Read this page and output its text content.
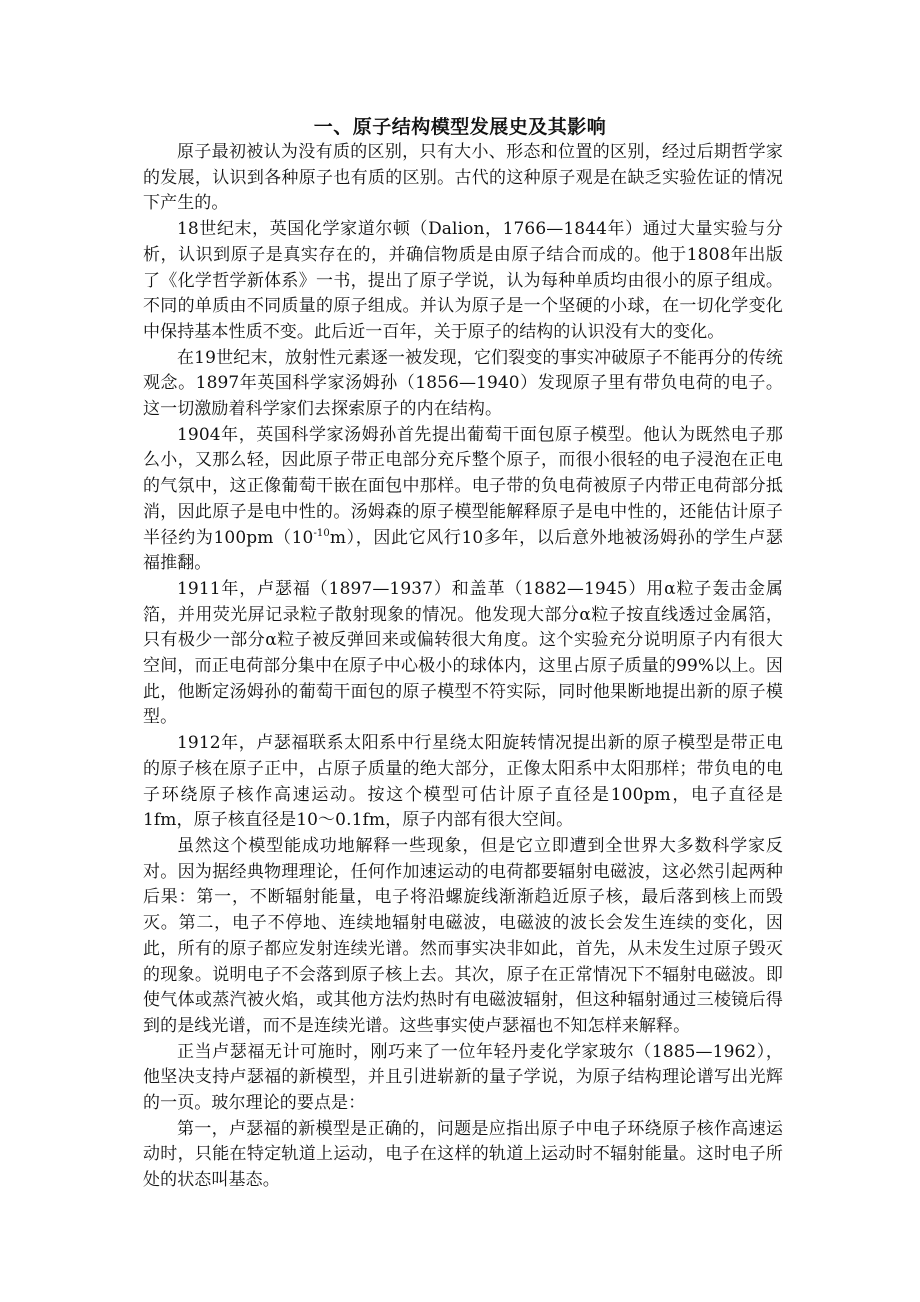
一、原子结构模型发展史及其影响

原子最初被认为没有质的区别，只有大小、形态和位置的区别，经过后期哲学家的发展，认识到各种原子也有质的区别。古代的这种原子观是在缺乏实验佐证的情况下产生的。

18世纪末，英国化学家道尔顿（Dalion，1766—1844年）通过大量实验与分析，认识到原子是真实存在的，并确信物质是由原子结合而成的。他于1808年出版了《化学哲学新体系》一书，提出了原子学说，认为每种单质均由很小的原子组成。不同的单质由不同质量的原子组成。并认为原子是一个坚硬的小球，在一切化学变化中保持基本性质不变。此后近一百年，关于原子的结构的认识没有大的变化。

在19世纪末，放射性元素逐一被发现，它们裂变的事实冲破原子不能再分的传统观念。1897年英国科学家汤姆孙（1856—1940）发现原子里有带负电荷的电子。这一切激励着科学家们去探索原子的内在结构。

1904年，英国科学家汤姆孙首先提出葡萄干面包原子模型。他认为既然电子那么小，又那么轻，因此原子带正电部分充斥整个原子，而很小很轻的电子浸泡在正电的气氛中，这正像葡萄干嵌在面包中那样。电子带的负电荷被原子内带正电荷部分抵消，因此原子是电中性的。汤姆森的原子模型能解释原子是电中性的，还能估计原子半径约为$100pm(10^{-10}m)$，因此它风行10多年，以后意外地被汤姆孙的学生卢瑟福推翻。

1911年，卢瑟福（1897—1937）和盖革（1882—1945）用α粒子轰击金属箔，并用荧光屏记录粒子散射现象的情况。他发现大部分α粒子按直线透过金属箔，只有极少一部分α粒子被反弹回来或偏转很大角度。这个实验充分说明原子内有很大空间，而正电荷部分集中在原子中心极小的球体内，这里占原子质量的99%以上。因此，他断定汤姆孙的葡萄干面包的原子模型不符实际，同时他果断地提出新的原子模型。

1912年，卢瑟福联系太阳系中行星绕太阳旋转情况提出新的原子模型是带正电的原子核在原子正中，占原子质量的绝大部分，正像太阳系中太阳那样；带负电的电子环绕原子核作高速运动。按这个模型可估计原子直径是100pm，电子直径是1fm，原子核直径是10～0.1fm，原子内部有很大空间。

虽然这个模型能成功地解释一些现象，但是它立即遭到全世界大多数科学家反对。因为据经典物理理论，任何作加速运动的电荷都要辐射电磁波，这必然引起两种后果：第一，不断辐射能量，电子将沿螺旋线渐渐趋近原子核，最后落到核上而毁灭。第二，电子不停地、连续地辐射电磁波，电磁波的波长会发生连续的变化，因此，所有的原子都应发射连续光谱。然而事实决非如此，首先，从未发生过原子毁灭的现象。说明电子不会落到原子核上去。其次，原子在正常情况下不辐射电磁波。即使气体或蒸汽被火焰，或其他方法灼热时有电磁波辐射，但这种辐射通过三棱镜后得到的是线光谱，而不是连续光谱。这些事实使卢瑟福也不知怎样来解释。

正当卢瑟福无计可施时，刚巧来了一位年轻丹麦化学家玻尔（1885—1962），他坚决支持卢瑟福的新模型，并且引进崭新的量子学说，为原子结构理论谱写出光辉的一页。玻尔理论的要点是：

第一，卢瑟福的新模型是正确的，问题是应指出原子中电子环绕原子核作高速运动时，只能在特定轨道上运动，电子在这样的轨道上运动时不辐射能量。这时电子所处的状态叫基态。
